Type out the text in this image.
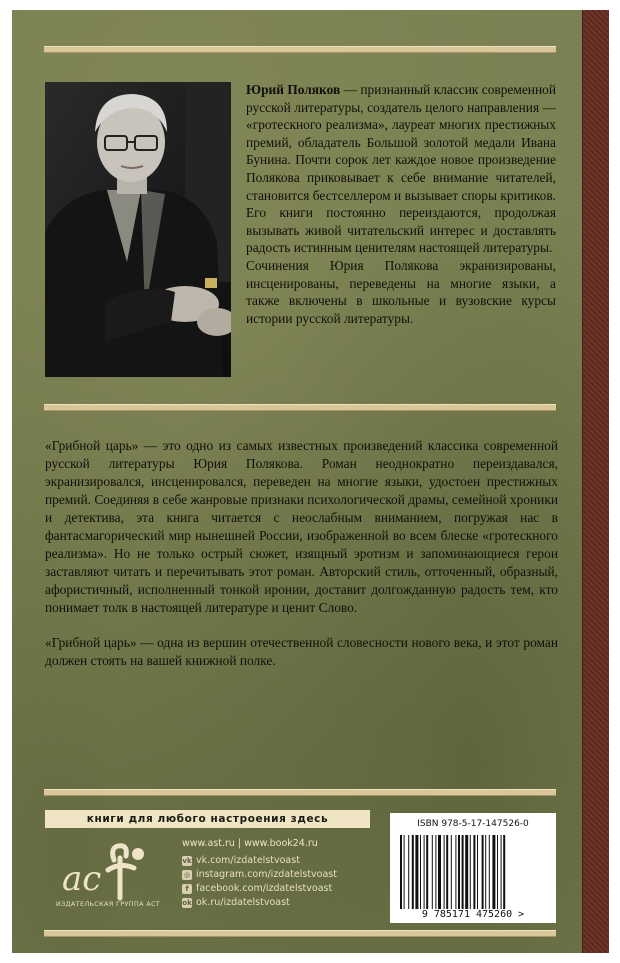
Юрий Поляков — признанный классик современной русской литературы, создатель целого направления — «гротескного реализма», лауреат многих престижных премий, обладатель Большой золотой медали Ивана Бунина. Почти сорок лет каждое новое произведение Полякова приковывает к себе внимание читателей, становится бестселлером и вызывает споры критиков. Его книги постоянно переиздаются, продолжая вызывать живой читательский интерес и доставлять радость истинным ценителям настоящей литературы.

Сочинения Юрия Полякова экранизированы, инсценированы, переведены на многие языки, а также включены в школьные и вузовские курсы истории русской литературы.

«Грибной царь» — это одно из самых известных произведений классика современной русской литературы Юрия Полякова. Роман неоднократно переиздавался, экранизировался, инсценировался, переведен на многие языки, удостоен престижных премий. Соединяя в себе жанровые признаки психологической драмы, семейной хроники и детектива, эта книга читается с неослабным вниманием, погружая нас в фантасмагорический мир нынешней России, изображенной во всем блеске «гротескного реализма». Но не только острый сюжет, изящный эротизм и запоминающиеся герои заставляют читать и перечитывать этот роман. Авторский стиль, отточенный, образный, афористичный, исполненный тонкой иронии, доставит долгожданную радость тем, кто понимает толк в настоящей литературе и ценит Слово.

«Грибной царь» — одна из вершин отечественной словесности нового века, и этот роман должен стоять на вашей книжной полке.

книги для любого настроения здесь
ac
ИЗДАТЕЛЬСКАЯ ГРУППА АСТ
www.ast.ru | www.book24.ru
vk vk.com/izdatelstvoast
◎ instagram.com/izdatelstvoast
f facebook.com/izdatelstvoast
ok ok.ru/izdatelstvoast
ISBN 978-5-17-147526-0
9 785171 475260 >
